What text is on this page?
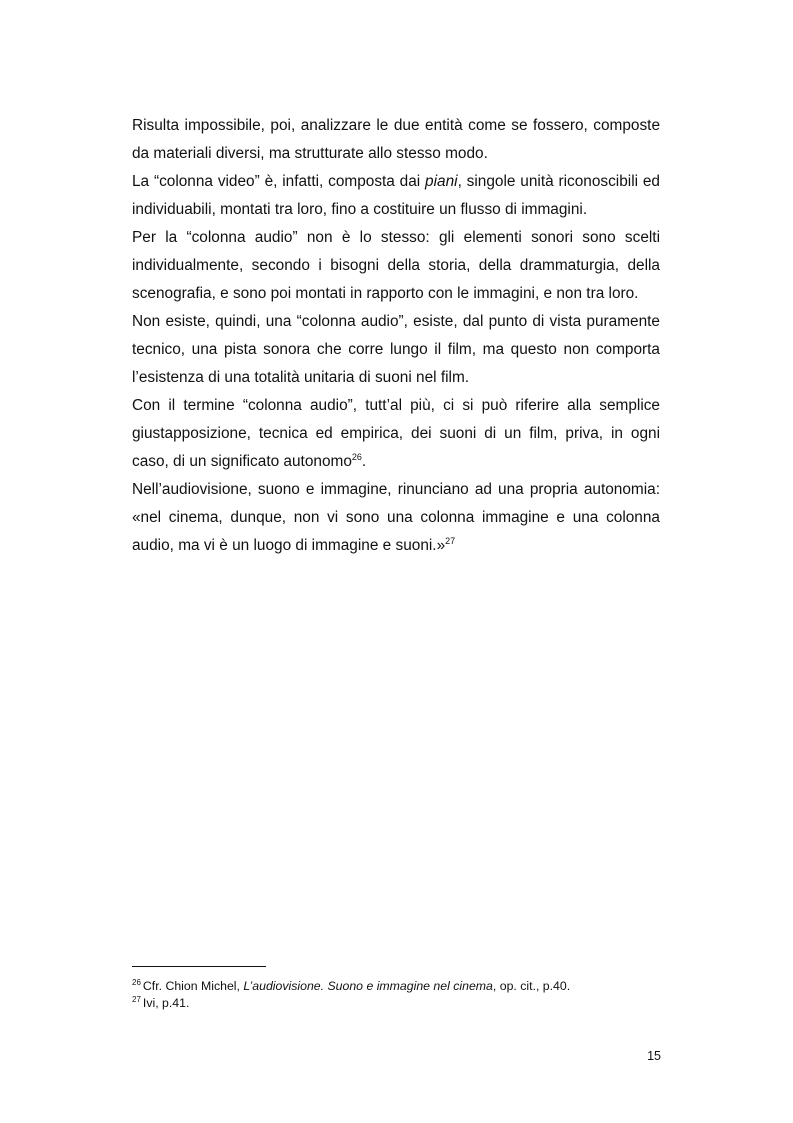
Risulta impossibile, poi, analizzare le due entità come se fossero, composte da materiali diversi, ma strutturate allo stesso modo.

La “colonna video” è, infatti, composta dai piani, singole unità riconoscibili ed individuabili, montati tra loro, fino a costituire un flusso di immagini.

Per la “colonna audio” non è lo stesso: gli elementi sonori sono scelti individualmente, secondo i bisogni della storia, della drammaturgia, della scenografia, e sono poi montati in rapporto con le immagini, e non tra loro.

Non esiste, quindi, una “colonna audio”, esiste, dal punto di vista puramente tecnico, una pista sonora che corre lungo il film, ma questo non comporta l’esistenza di una totalità unitaria di suoni nel film.

Con il termine “colonna audio”, tutt’al più, ci si può riferire alla semplice giustapposizione, tecnica ed empirica, dei suoni di un film, priva, in ogni caso, di un significato autonomo$^{26}$.

Nell’audiovisione, suono e immagine, rinunciano ad una propria autonomia: «nel cinema, dunque, non vi sono una colonna immagine e una colonna audio, ma vi è un luogo di immagine e suoni.»$^{27}$

$^{26}$ Cfr. Chion Michel, L’audiovisione. Suono e immagine nel cinema, op. cit., p.40.

$^{27}$ Ivi, p.41.

15
